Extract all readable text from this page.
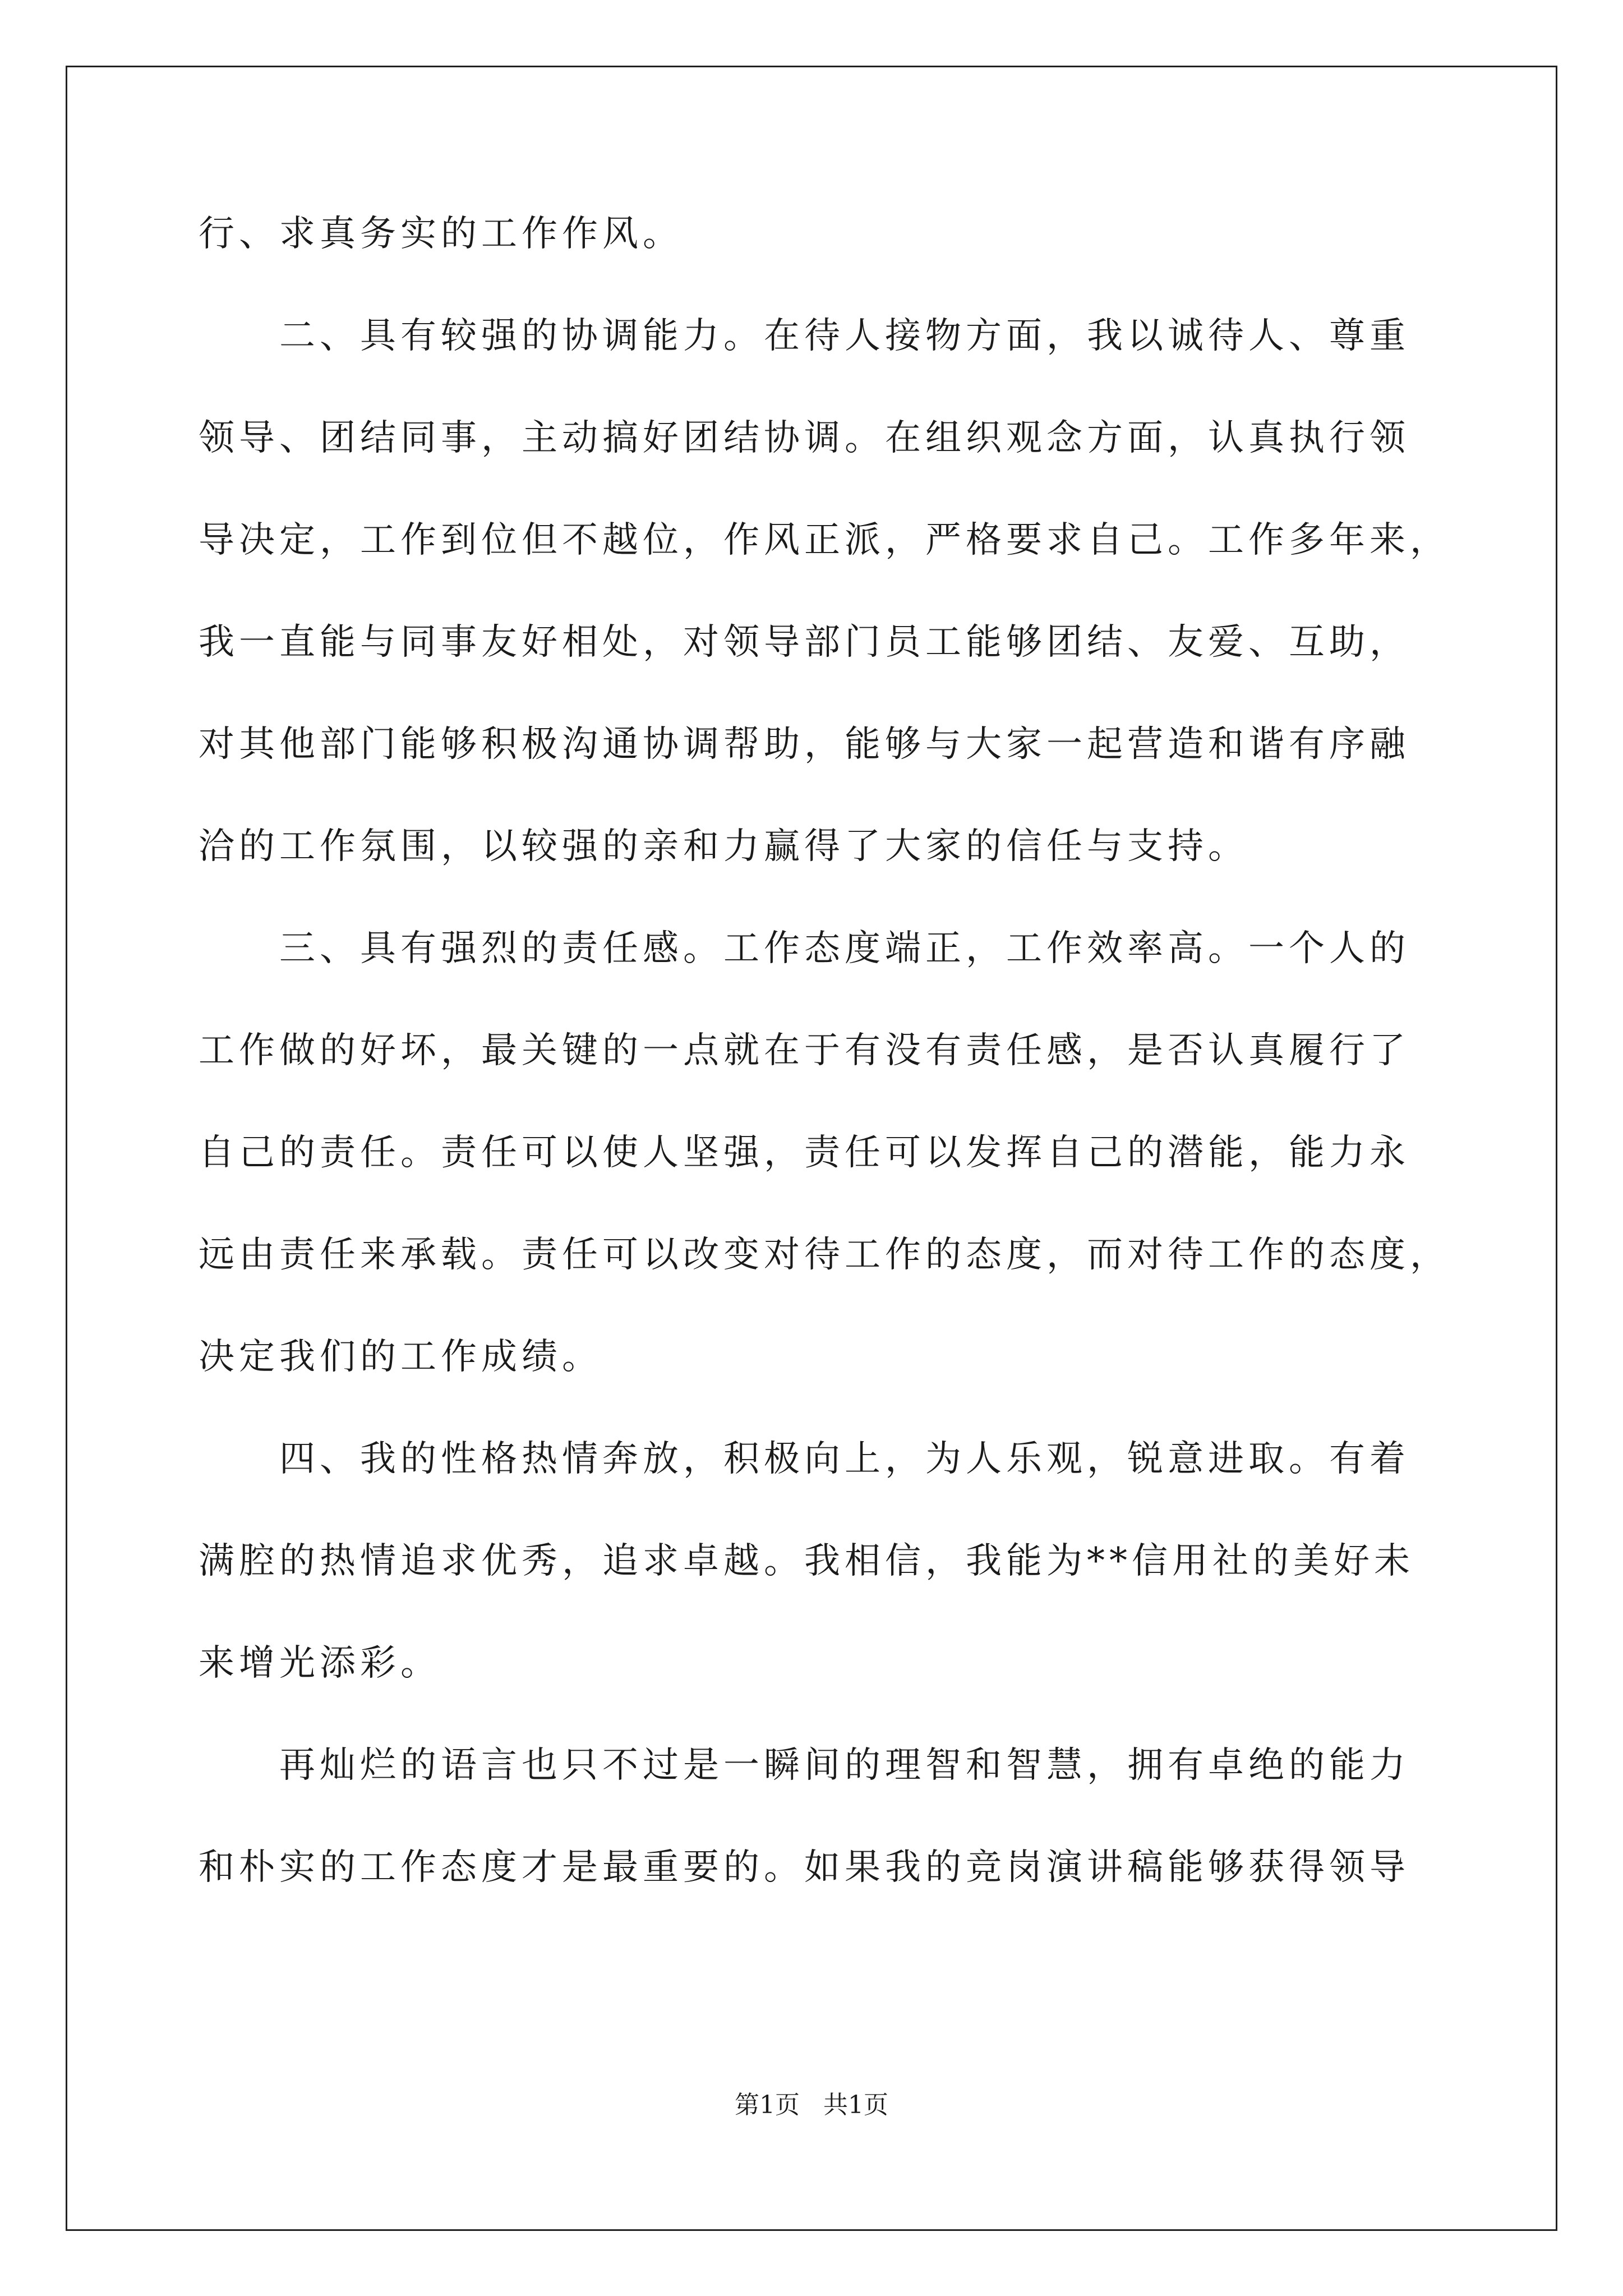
行、求真务实的工作作风。
　　二、具有较强的协调能力。在待人接物方面，我以诚待人、尊重
领导、团结同事，主动搞好团结协调。在组织观念方面，认真执行领
导决定，工作到位但不越位，作风正派，严格要求自己。工作多年来，
我一直能与同事友好相处，对领导部门员工能够团结、友爱、互助，
对其他部门能够积极沟通协调帮助，能够与大家一起营造和谐有序融
洽的工作氛围，以较强的亲和力赢得了大家的信任与支持。
　　三、具有强烈的责任感。工作态度端正，工作效率高。一个人的
工作做的好坏，最关键的一点就在于有没有责任感，是否认真履行了
自己的责任。责任可以使人坚强，责任可以发挥自己的潜能，能力永
远由责任来承载。责任可以改变对待工作的态度，而对待工作的态度，
决定我们的工作成绩。
　　四、我的性格热情奔放，积极向上，为人乐观，锐意进取。有着
满腔的热情追求优秀，追求卓越。我相信，我能为**信用社的美好未
来增光添彩。
　　再灿烂的语言也只不过是一瞬间的理智和智慧，拥有卓绝的能力
和朴实的工作态度才是最重要的。如果我的竞岗演讲稿能够获得领导
第1页   共1页
